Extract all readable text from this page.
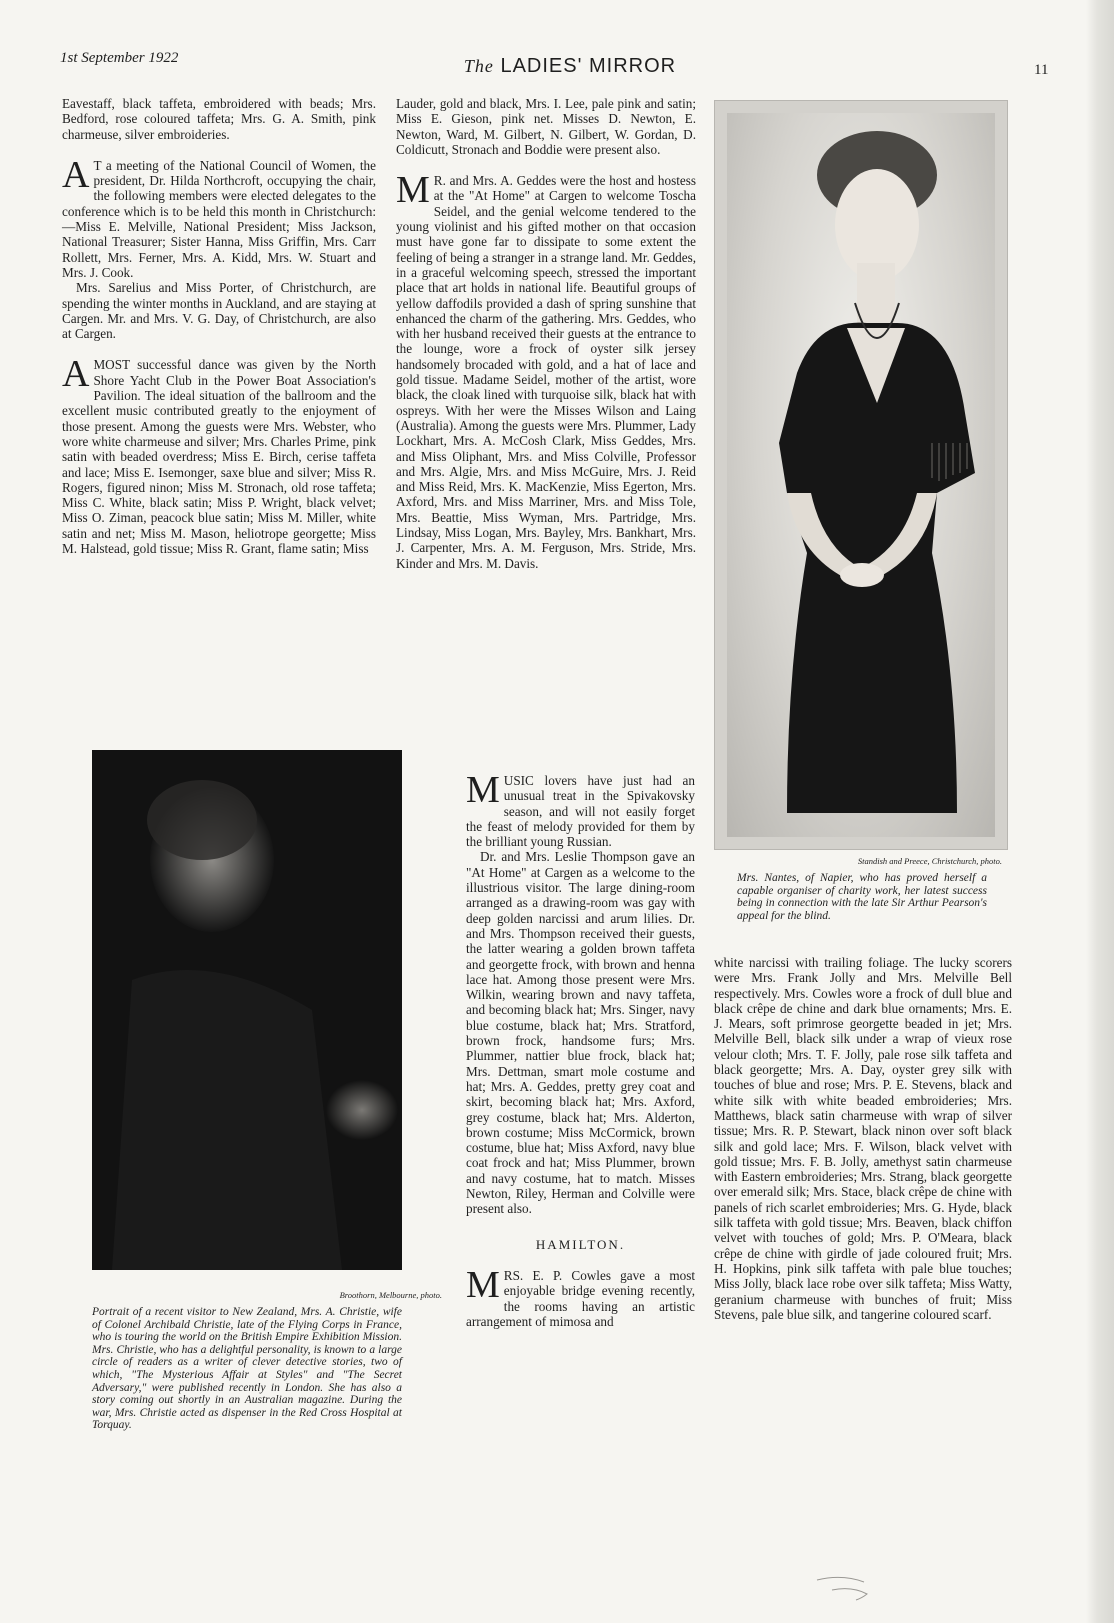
1st September 1922	The LADIES' MIRROR	11

Eavestaff, black taffeta, embroidered with beads; Mrs. Bedford, rose coloured taffeta; Mrs. G. A. Smith, pink charmeuse, silver embroideries.

A T a meeting of the National Council of Women, the president, Dr. Hilda Northcroft, occupying the chair, the following members were elected delegates to the conference which is to be held this month in Christchurch:—Miss E. Melville, National President; Miss Jackson, National Treasurer; Sister Hanna, Miss Griffin, Mrs. Carr Rollett, Mrs. Ferner, Mrs. A. Kidd, Mrs. W. Stuart and Mrs. J. Cook.

Mrs. Sarelius and Miss Porter, of Christchurch, are spending the winter months in Auckland, and are staying at Cargen. Mr. and Mrs. V. G. Day, of Christchurch, are also at Cargen.

AMOST successful dance was given by the North Shore Yacht Club in the Power Boat Association's Pavilion. The ideal situation of the ballroom and the excellent music contributed greatly to the enjoyment of those present. Among the guests were Mrs. Webster, who wore white charmeuse and silver; Mrs. Charles Prime, pink satin with beaded overdress; Miss E. Birch, cerise taffeta and lace; Miss E. Isemonger, saxe blue and silver; Miss R. Rogers, figured ninon; Miss M. Stronach, old rose taffeta; Miss C. White, black satin; Miss P. Wright, black velvet; Miss O. Ziman, peacock blue satin; Miss M. Miller, white satin and net; Miss M. Mason, heliotrope georgette; Miss M. Halstead, gold tissue; Miss R. Grant, flame satin; Miss

Lauder, gold and black, Mrs. I. Lee, pale pink and satin; Miss E. Gieson, pink net. Misses D. Newton, E. Newton, Ward, M. Gilbert, N. Gilbert, W. Gordan, D. Coldicutt, Stronach and Boddie were present also.

M R. and Mrs. A. Geddes were the host and hostess at the "At Home" at Cargen to welcome Toscha Seidel, and the genial welcome tendered to the young violinist and his gifted mother on that occasion must have gone far to dissipate to some extent the feeling of being a stranger in a strange land. Mr. Geddes, in a graceful welcoming speech, stressed the important place that art holds in national life. Beautiful groups of yellow daffodils provided a dash of spring sunshine that enhanced the charm of the gathering. Mrs. Geddes, who with her husband received their guests at the entrance to the lounge, wore a frock of oyster silk jersey handsomely brocaded with gold, and a hat of lace and gold tissue. Madame Seidel, mother of the artist, wore black, the cloak lined with turquoise silk, black hat with ospreys. With her were the Misses Wilson and Laing (Australia). Among the guests were Mrs. Plummer, Lady Lockhart, Mrs. A. McCosh Clark, Miss Geddes, Mrs. and Miss Oliphant, Mrs. and Miss Colville, Professor and Mrs. Algie, Mrs. and Miss McGuire, Mrs. J. Reid and Miss Reid, Mrs. K. MacKenzie, Miss Egerton, Mrs. Axford, Mrs. and Miss Marriner, Mrs. and Miss Tole, Mrs. Beattie, Miss Wyman, Mrs. Partridge, Mrs. Lindsay, Miss Logan, Mrs. Bayley, Mrs. Bankhart, Mrs. J. Carpenter, Mrs. A. M. Ferguson, Mrs. Stride, Mrs. Kinder and Mrs. M. Davis.

Standish and Preece, Christchurch, photo.
Mrs. Nantes, of Napier, who has proved herself a capable organiser of charity work, her latest success being in connection with the late Sir Arthur Pearson's appeal for the blind.
Broothorn, Melbourne, photo.
Portrait of a recent visitor to New Zealand, Mrs. A. Christie, wife of Colonel Archibald Christie, late of the Flying Corps in France, who is touring the world on the British Empire Exhibition Mission. Mrs. Christie, who has a delightful personality, is known to a large circle of readers as a writer of clever detective stories, two of which, "The Mysterious Affair at Styles" and "The Secret Adversary," were published recently in London. She has also a story coming out shortly in an Australian magazine. During the war, Mrs. Christie acted as dispenser in the Red Cross Hospital at Torquay.

MUSIC lovers have just had an unusual treat in the Spivakovsky season, and will not easily forget the feast of melody provided for them by the brilliant young Russian.

Dr. and Mrs. Leslie Thompson gave an "At Home" at Cargen as a welcome to the illustrious visitor. The large dining-room arranged as a drawing-room was gay with deep golden narcissi and arum lilies. Dr. and Mrs. Thompson received their guests, the latter wearing a golden brown taffeta and georgette frock, with brown and henna lace hat. Among those present were Mrs. Wilkin, wearing brown and navy taffeta, and becoming black hat; Mrs. Singer, navy blue costume, black hat; Mrs. Stratford, brown frock, handsome furs; Mrs. Plummer, nattier blue frock, black hat; Mrs. Dettman, smart mole costume and hat; Mrs. A. Geddes, pretty grey coat and skirt, becoming black hat; Mrs. Axford, grey costume, black hat; Mrs. Alderton, brown costume; Miss McCormick, brown costume, blue hat; Miss Axford, navy blue coat frock and hat; Miss Plummer, brown and navy costume, hat to match. Misses Newton, Riley, Herman and Colville were present also.

HAMILTON.

MRS. E. P. Cowles gave a most enjoyable bridge evening recently, the rooms having an artistic arrangement of mimosa and

white narcissi with trailing foliage. The lucky scorers were Mrs. Frank Jolly and Mrs. Melville Bell respectively. Mrs. Cowles wore a frock of dull blue and black crêpe de chine and dark blue ornaments; Mrs. E. J. Mears, soft primrose georgette beaded in jet; Mrs. Melville Bell, black silk under a wrap of vieux rose velour cloth; Mrs. T. F. Jolly, pale rose silk taffeta and black georgette; Mrs. A. Day, oyster grey silk with touches of blue and rose; Mrs. P. E. Stevens, black and white silk with white beaded embroideries; Mrs. Matthews, black satin charmeuse with wrap of silver tissue; Mrs. R. P. Stewart, black ninon over soft black silk and gold lace; Mrs. F. Wilson, black velvet with gold tissue; Mrs. F. B. Jolly, amethyst satin charmeuse with Eastern embroideries; Mrs. Strang, black georgette over emerald silk; Mrs. Stace, black crêpe de chine with panels of rich scarlet embroideries; Mrs. G. Hyde, black silk taffeta with gold tissue; Mrs. Beaven, black chiffon velvet with touches of gold; Mrs. P. O'Meara, black crêpe de chine with girdle of jade coloured fruit; Mrs. H. Hopkins, pink silk taffeta with pale blue touches; Miss Jolly, black lace robe over silk taffeta; Miss Watty, geranium charmeuse with bunches of fruit; Miss Stevens, pale blue silk, and tangerine coloured scarf.
